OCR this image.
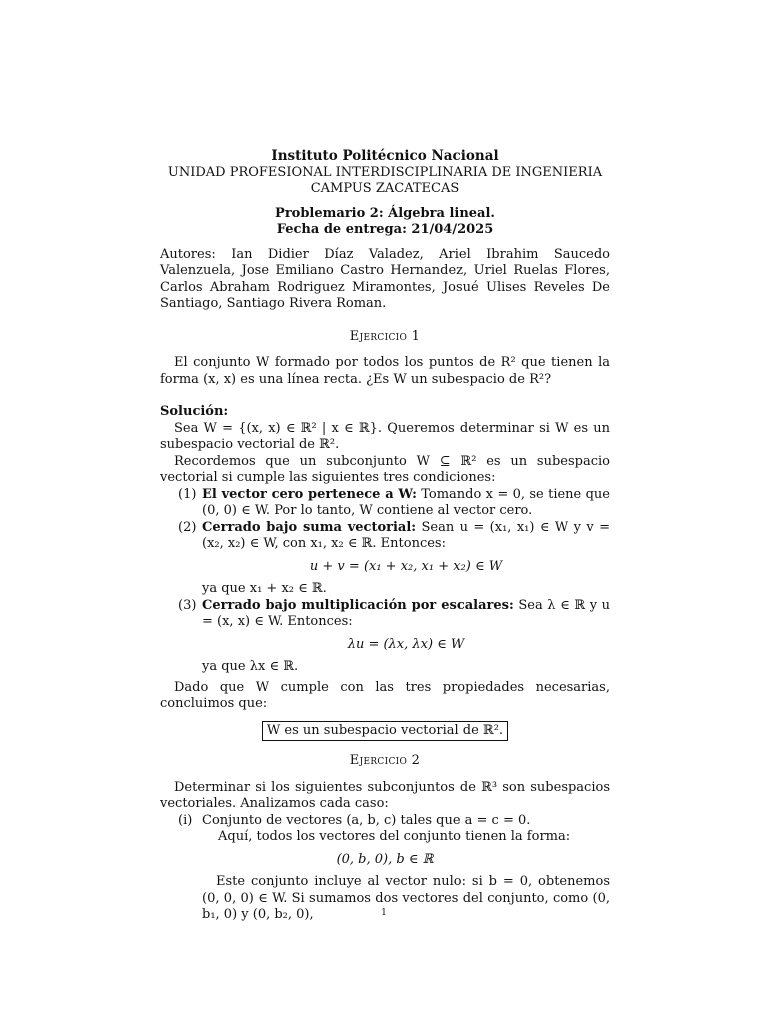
Instituto Politécnico Nacional

UNIDAD PROFESIONAL INTERDISCIPLINARIA DE INGENIERIA

CAMPUS ZACATECAS

Problemario 2: Álgebra lineal.

Fecha de entrega: 21/04/2025

Autores: Ian Didier Díaz Valadez, Ariel Ibrahim Saucedo Valenzuela, Jose Emiliano Castro Hernandez, Uriel Ruelas Flores, Carlos Abraham Rodriguez Miramontes, Josué Ulises Reveles De Santiago, Santiago Rivera Roman.

Ejercicio 1

El conjunto W formado por todos los puntos de R² que tienen la forma (x, x) es una línea recta. ¿Es W un subespacio de R²?

Solución:

Sea W = {(x, x) ∈ ℝ² | x ∈ ℝ}. Queremos determinar si W es un subespacio vectorial de ℝ².

Recordemos que un subconjunto W ⊆ ℝ² es un subespacio vectorial si cumple las siguientes tres condiciones:

(1) El vector cero pertenece a W: Tomando x = 0, se tiene que (0, 0) ∈ W. Por lo tanto, W contiene al vector cero.
(2) Cerrado bajo suma vectorial: Sean u = (x₁, x₁) ∈ W y v = (x₂, x₂) ∈ W, con x₁, x₂ ∈ ℝ. Entonces:

u + v = (x₁ + x₂, x₁ + x₂) ∈ W

ya que x₁ + x₂ ∈ ℝ.

(3) Cerrado bajo multiplicación por escalares: Sea λ ∈ ℝ y u = (x, x) ∈ W. Entonces:

λu = (λx, λx) ∈ W

ya que λx ∈ ℝ.

Dado que W cumple con las tres propiedades necesarias, concluimos que:

W es un subespacio vectorial de ℝ².

Ejercicio 2

Determinar si los siguientes subconjuntos de ℝ³ son subespacios vectoriales. Analizamos cada caso:

(i) Conjunto de vectores (a, b, c) tales que a = c = 0.

Aquí, todos los vectores del conjunto tienen la forma:

(0, b, 0), b ∈ ℝ

Este conjunto incluye al vector nulo: si b = 0, obtenemos (0, 0, 0) ∈ W. Si sumamos dos vectores del conjunto, como (0, b₁, 0) y (0, b₂, 0),	1
